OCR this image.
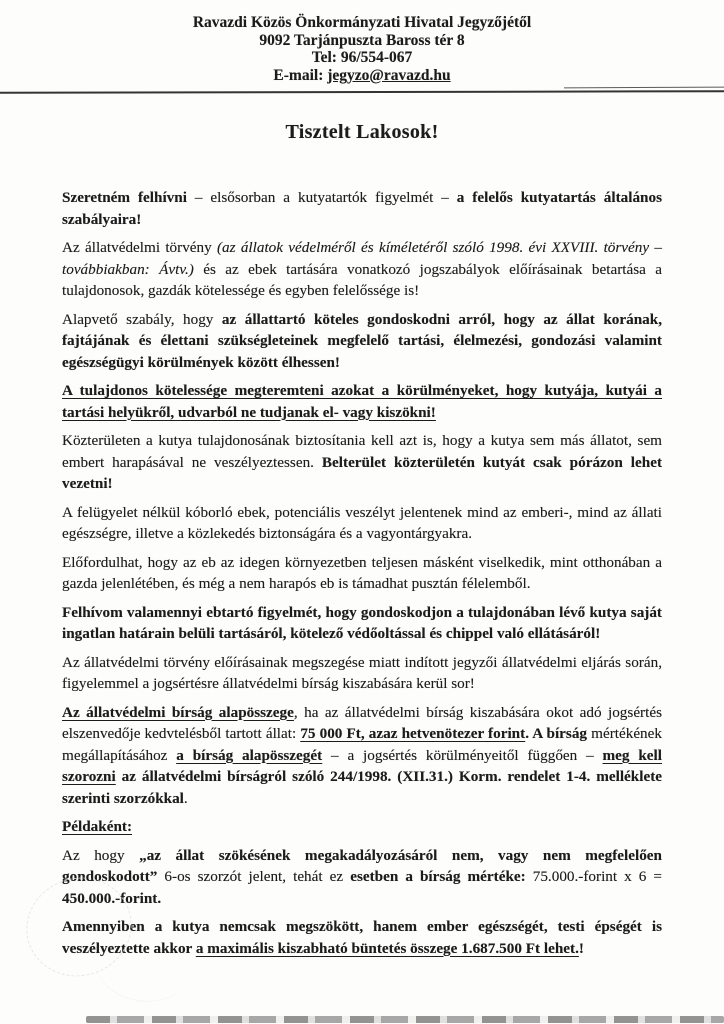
Ravazdi Közös Önkormányzati Hivatal Jegyzőjétől
9092 Tarjánpuszta Baross tér 8
Tel: 96/554-067
E-mail: jegyzo@ravazd.hu
Tisztelt Lakosok!

Szeretném felhívni – elsősorban a kutyatartók figyelmét – a felelős kutyatartás általános szabályaira!

Az állatvédelmi törvény (az állatok védelméről és kíméletéről szóló 1998. évi XXVIII. törvény – továbbiakban: Ávtv.) és az ebek tartására vonatkozó jogszabályok előírásainak betartása a tulajdonosok, gazdák kötelessége és egyben felelőssége is!

Alapvető szabály, hogy az állattartó köteles gondoskodni arról, hogy az állat korának, fajtájának és élettani szükségleteinek megfelelő tartási, élelmezési, gondozási valamint egészségügyi körülmények között élhessen!

A tulajdonos kötelessége megteremteni azokat a körülményeket, hogy kutyája, kutyái a tartási helyükről, udvarból ne tudjanak el- vagy kiszökni!

Közterületen a kutya tulajdonosának biztosítania kell azt is, hogy a kutya sem más állatot, sem embert harapásával ne veszélyeztessen. Belterület közterületén kutyát csak pórázon lehet vezetni!

A felügyelet nélkül kóborló ebek, potenciális veszélyt jelentenek mind az emberi-, mind az állati egészségre, illetve a közlekedés biztonságára és a vagyontárgyakra.

Előfordulhat, hogy az eb az idegen környezetben teljesen másként viselkedik, mint otthonában a gazda jelenlétében, és még a nem harapós eb is támadhat pusztán félelemből.

Felhívom valamennyi ebtartó figyelmét, hogy gondoskodjon a tulajdonában lévő kutya saját ingatlan határain belüli tartásáról, kötelező védőoltással és chippel való ellátásáról!

Az állatvédelmi törvény előírásainak megszegése miatt indított jegyzői állatvédelmi eljárás során, figyelemmel a jogsértésre állatvédelmi bírság kiszabására kerül sor!

Az állatvédelmi bírság alapösszege, ha az állatvédelmi bírság kiszabására okot adó jogsértés elszenvedője kedvtelésből tartott állat: 75 000 Ft, azaz hetvenötezer forint. A bírság mértékének megállapításához a bírság alapösszegét – a jogsértés körülményeitől függően – meg kell szorozni az állatvédelmi bírságról szóló 244/1998. (XII.31.) Korm. rendelet 1-4. melléklete szerinti szorzókkal.

Példaként:

Az hogy „az állat szökésének megakadályozásáról nem, vagy nem megfelelően gondoskodott” 6-os szorzót jelent, tehát ez esetben a bírság mértéke: 75.000.-forint x 6 = 450.000.-forint.

Amennyiben a kutya nemcsak megszökött, hanem ember egészségét, testi épségét is veszélyeztette akkor a maximális kiszabható büntetés összege 1.687.500 Ft lehet.!
